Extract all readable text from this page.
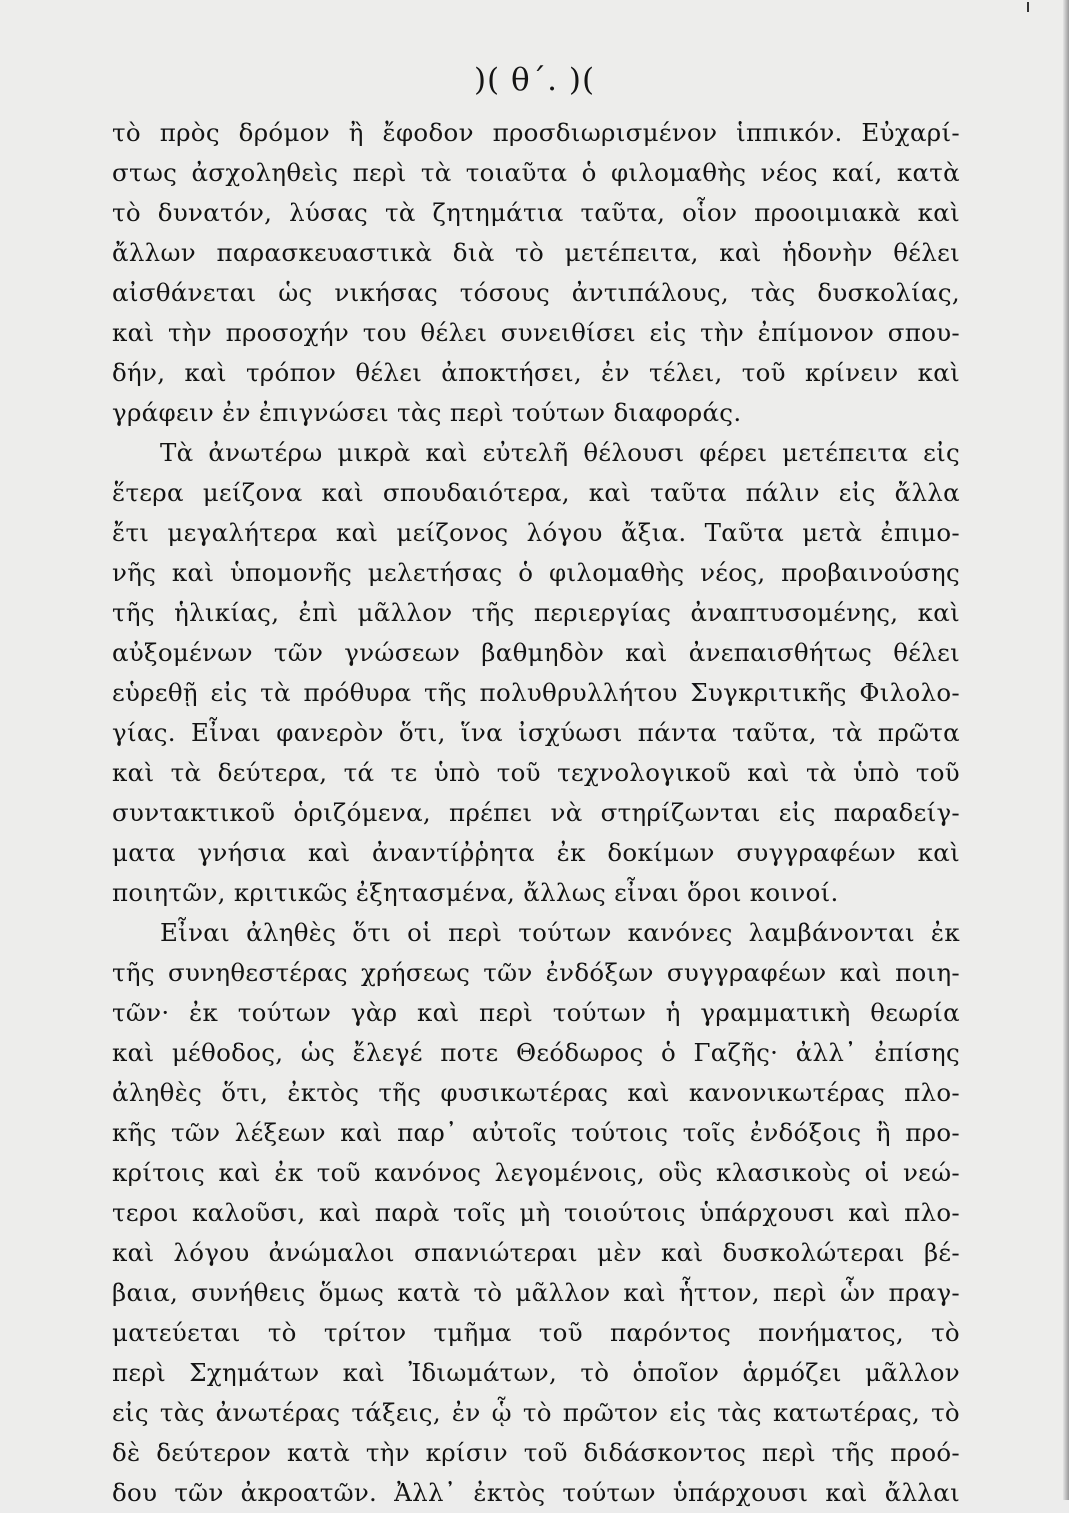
)( θ΄. )(
τὸ πρὸς δρόμον ἢ ἔφοδον προσδιωρισμένον ἱππικόν. Εὐχαρί-
στως ἀσχοληθεὶς περὶ τὰ τοιαῦτα ὁ φιλομαθὴς νέος καί, κατὰ
τὸ δυνατόν, λύσας τὰ ζητημάτια ταῦτα, οἷον προοιμιακὰ καὶ
ἄλλων παρασκευαστικὰ διὰ τὸ μετέπειτα, καὶ ἡδονὴν θέλει
αἰσθάνεται ὡς νικήσας τόσους ἀντιπάλους, τὰς δυσκολίας,
καὶ τὴν προσοχήν του θέλει συνειθίσει εἰς τὴν ἐπίμονον σπου-
δήν, καὶ τρόπον θέλει ἀποκτήσει, ἐν τέλει, τοῦ κρίνειν καὶ
γράφειν ἐν ἐπιγνώσει τὰς περὶ τούτων διαφοράς.
Τὰ ἀνωτέρω μικρὰ καὶ εὐτελῆ θέλουσι φέρει μετέπειτα εἰς
ἕτερα μείζονα καὶ σπουδαιότερα, καὶ ταῦτα πάλιν εἰς ἄλλα
ἔτι μεγαλήτερα καὶ μείζονος λόγου ἄξια. Ταῦτα μετὰ ἐπιμο-
νῆς καὶ ὑπομονῆς μελετήσας ὁ φιλομαθὴς νέος, προβαινούσης
τῆς ἡλικίας, ἐπὶ μᾶλλον τῆς περιεργίας ἀναπτυσομένης, καὶ
αὐξομένων τῶν γνώσεων βαθμηδὸν καὶ ἀνεπαισθήτως θέλει
εὑρεθῇ εἰς τὰ πρόθυρα τῆς πολυθρυλλήτου Συγκριτικῆς Φιλολο-
γίας. Εἶναι φανερὸν ὅτι, ἵνα ἰσχύωσι πάντα ταῦτα, τὰ πρῶτα
καὶ τὰ δεύτερα, τά τε ὑπὸ τοῦ τεχνολογικοῦ καὶ τὰ ὑπὸ τοῦ
συντακτικοῦ ὁριζόμενα, πρέπει νὰ στηρίζωνται εἰς παραδείγ-
ματα γνήσια καὶ ἀναντίῤῥητα ἐκ δοκίμων συγγραφέων καὶ
ποιητῶν, κριτικῶς ἐξητασμένα, ἄλλως εἶναι ὅροι κοινοί.
Εἶναι ἀληθὲς ὅτι οἱ περὶ τούτων κανόνες λαμβάνονται ἐκ
τῆς συνηθεστέρας χρήσεως τῶν ἐνδόξων συγγραφέων καὶ ποιη-
τῶν· ἐκ τούτων γὰρ καὶ περὶ τούτων ἡ γραμματικὴ θεωρία
καὶ μέθοδος, ὡς ἔλεγέ ποτε Θεόδωρος ὁ Γαζῆς· ἀλλ᾽ ἐπίσης
ἀληθὲς ὅτι, ἐκτὸς τῆς φυσικωτέρας καὶ κανονικωτέρας πλο-
κῆς τῶν λέξεων καὶ παρ᾽ αὐτοῖς τούτοις τοῖς ἐνδόξοις ἢ προ-
κρίτοις καὶ ἐκ τοῦ κανόνος λεγομένοις, οὓς κλασικοὺς οἱ νεώ-
τεροι καλοῦσι, καὶ παρὰ τοῖς μὴ τοιούτοις ὑπάρχουσι καὶ πλο-
καὶ λόγου ἀνώμαλοι σπανιώτεραι μὲν καὶ δυσκολώτεραι βέ-
βαια, συνήθεις ὅμως κατὰ τὸ μᾶλλον καὶ ἧττον, περὶ ὧν πραγ-
ματεύεται τὸ τρίτον τμῆμα τοῦ παρόντος πονήματος, τὸ
περὶ Σχημάτων καὶ Ἰδιωμάτων, τὸ ὁποῖον ἁρμόζει μᾶλλον
εἰς τὰς ἀνωτέρας τάξεις, ἐν ᾧ τὸ πρῶτον εἰς τὰς κατωτέρας, τὸ
δὲ δεύτερον κατὰ τὴν κρίσιν τοῦ διδάσκοντος περὶ τῆς προό-
δου τῶν ἀκροατῶν. Ἀλλ᾽ ἐκτὸς τούτων ὑπάρχουσι καὶ ἄλλαι
